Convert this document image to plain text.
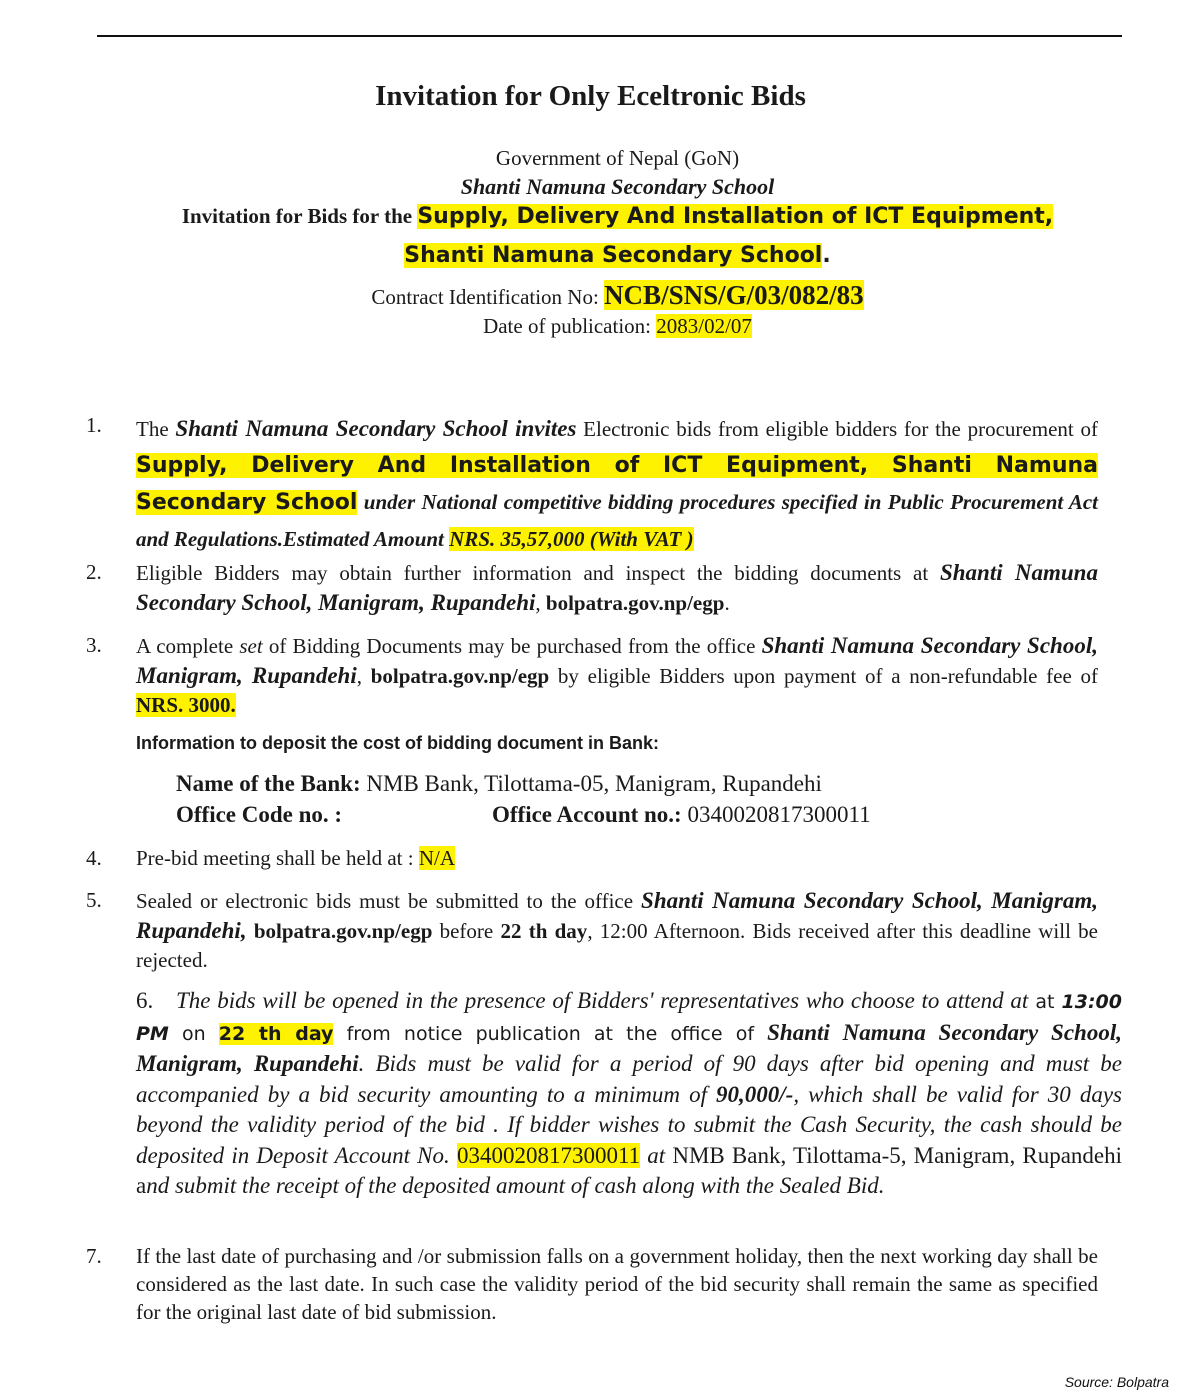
Invitation for Only Eceltronic Bids
Government of Nepal (GoN)
Shanti Namuna Secondary School
Invitation for Bids for the Supply, Delivery And Installation of ICT Equipment,
Shanti Namuna Secondary School.
Contract Identification No: NCB/SNS/G/03/082/83
Date of publication: 2083/02/07
1. The Shanti Namuna Secondary School invites Electronic bids from eligible bidders for the procurement of Supply, Delivery And Installation of ICT Equipment, Shanti Namuna Secondary School under National competitive bidding procedures specified in Public Procurement Act and Regulations.Estimated Amount NRS. 35,57,000 (With VAT )
2. Eligible Bidders may obtain further information and inspect the bidding documents at Shanti Namuna Secondary School, Manigram, Rupandehi, bolpatra.gov.np/egp.
3. A complete set of Bidding Documents may be purchased from the office Shanti Namuna Secondary School, Manigram, Rupandehi, bolpatra.gov.np/egp by eligible Bidders upon payment of a non-refundable fee of NRS. 3000.
Information to deposit the cost of bidding document in Bank:
Name of the Bank: NMB Bank, Tilottama-05, Manigram, Rupandehi
Office Code no. :	Office Account no.: 0340020817300011
4. Pre-bid meeting shall be held at : N/A
5. Sealed or electronic bids must be submitted to the office Shanti Namuna Secondary School, Manigram, Rupandehi, bolpatra.gov.np/egp before 22 th day, 12:00 Afternoon. Bids received after this deadline will be rejected.
6.The bids will be opened in the presence of Bidders' representatives who choose to attend at at 13:00 PM on 22 th day from notice publication at the office of Shanti Namuna Secondary School, Manigram, Rupandehi. Bids must be valid for a period of 90 days after bid opening and must be accompanied by a bid security amounting to a minimum of 90,000/-, which shall be valid for 30 days beyond the validity period of the bid . If bidder wishes to submit the Cash Security, the cash should be deposited in Deposit Account No. 0340020817300011 at NMB Bank, Tilottama-5, Manigram, Rupandehi and submit the receipt of the deposited amount of cash along with the Sealed Bid.
7. If the last date of purchasing and /or submission falls on a government holiday, then the next working day shall be considered as the last date. In such case the validity period of the bid security shall remain the same as specified for the original last date of bid submission.
Source: Bolpatra
